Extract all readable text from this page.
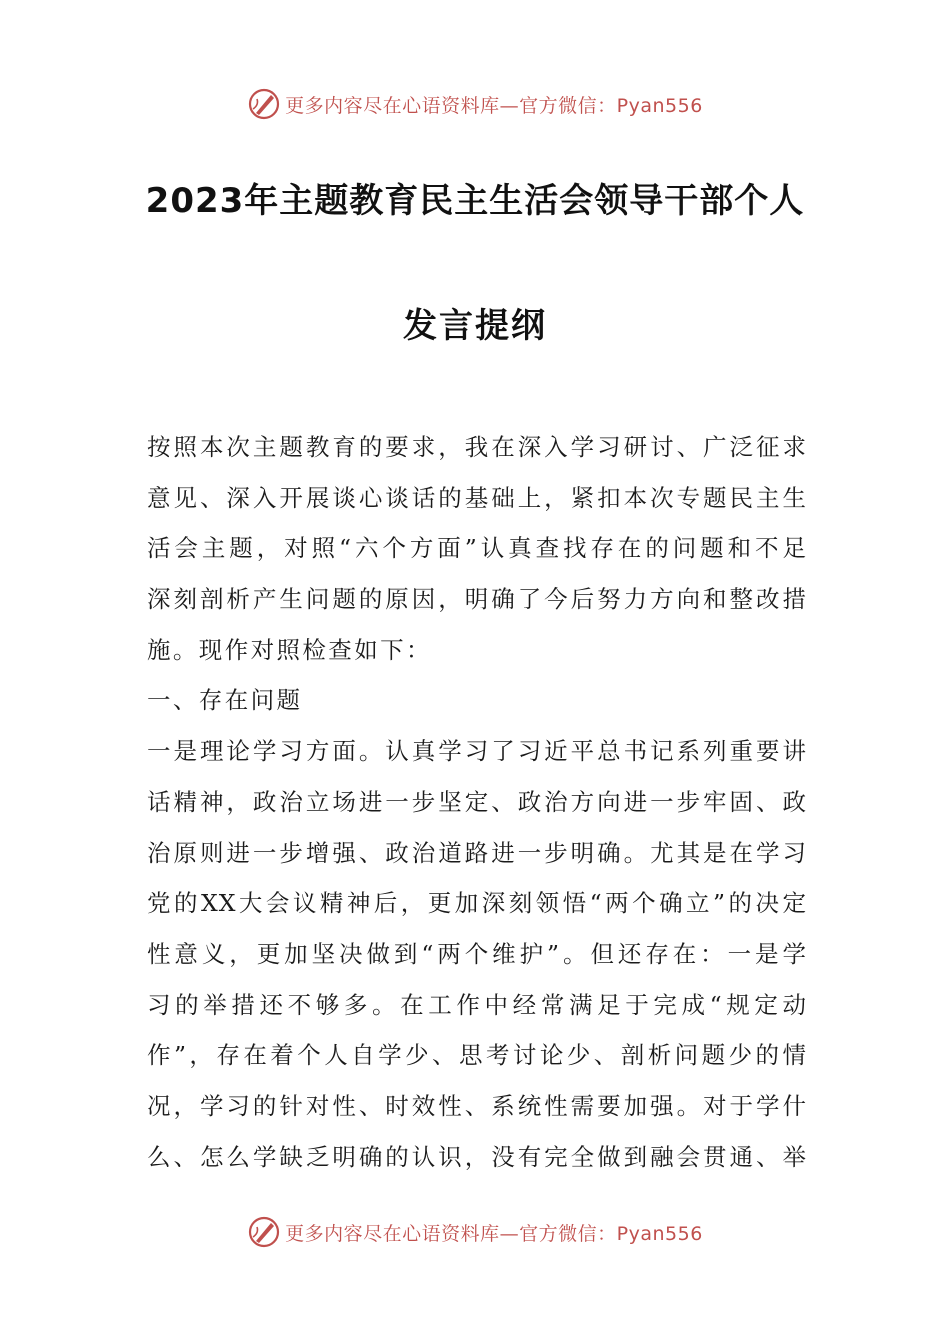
更多内容尽在心语资料库—官方微信：Pyan556
2023年主题教育民主生活会领导干部个人
发言提纲
按照本次主题教育的要求，我在深入学习研讨、广泛征求
意见、深入开展谈心谈话的基础上，紧扣本次专题民主生
活会主题，对照“六个方面”认真查找存在的问题和不足
深刻剖析产生问题的原因，明确了今后努力方向和整改措
施。现作对照检查如下：
一、存在问题
一是理论学习方面。认真学习了习近平总书记系列重要讲
话精神，政治立场进一步坚定、政治方向进一步牢固、政
治原则进一步增强、政治道路进一步明确。尤其是在学习
党的XX大会议精神后，更加深刻领悟“两个确立”的决定
性意义，更加坚决做到“两个维护”。但还存在：一是学
习的举措还不够多。在工作中经常满足于完成“规定动
作”，存在着个人自学少、思考讨论少、剖析问题少的情
况，学习的针对性、时效性、系统性需要加强。对于学什
么、怎么学缺乏明确的认识，没有完全做到融会贯通、举
更多内容尽在心语资料库—官方微信：Pyan556
